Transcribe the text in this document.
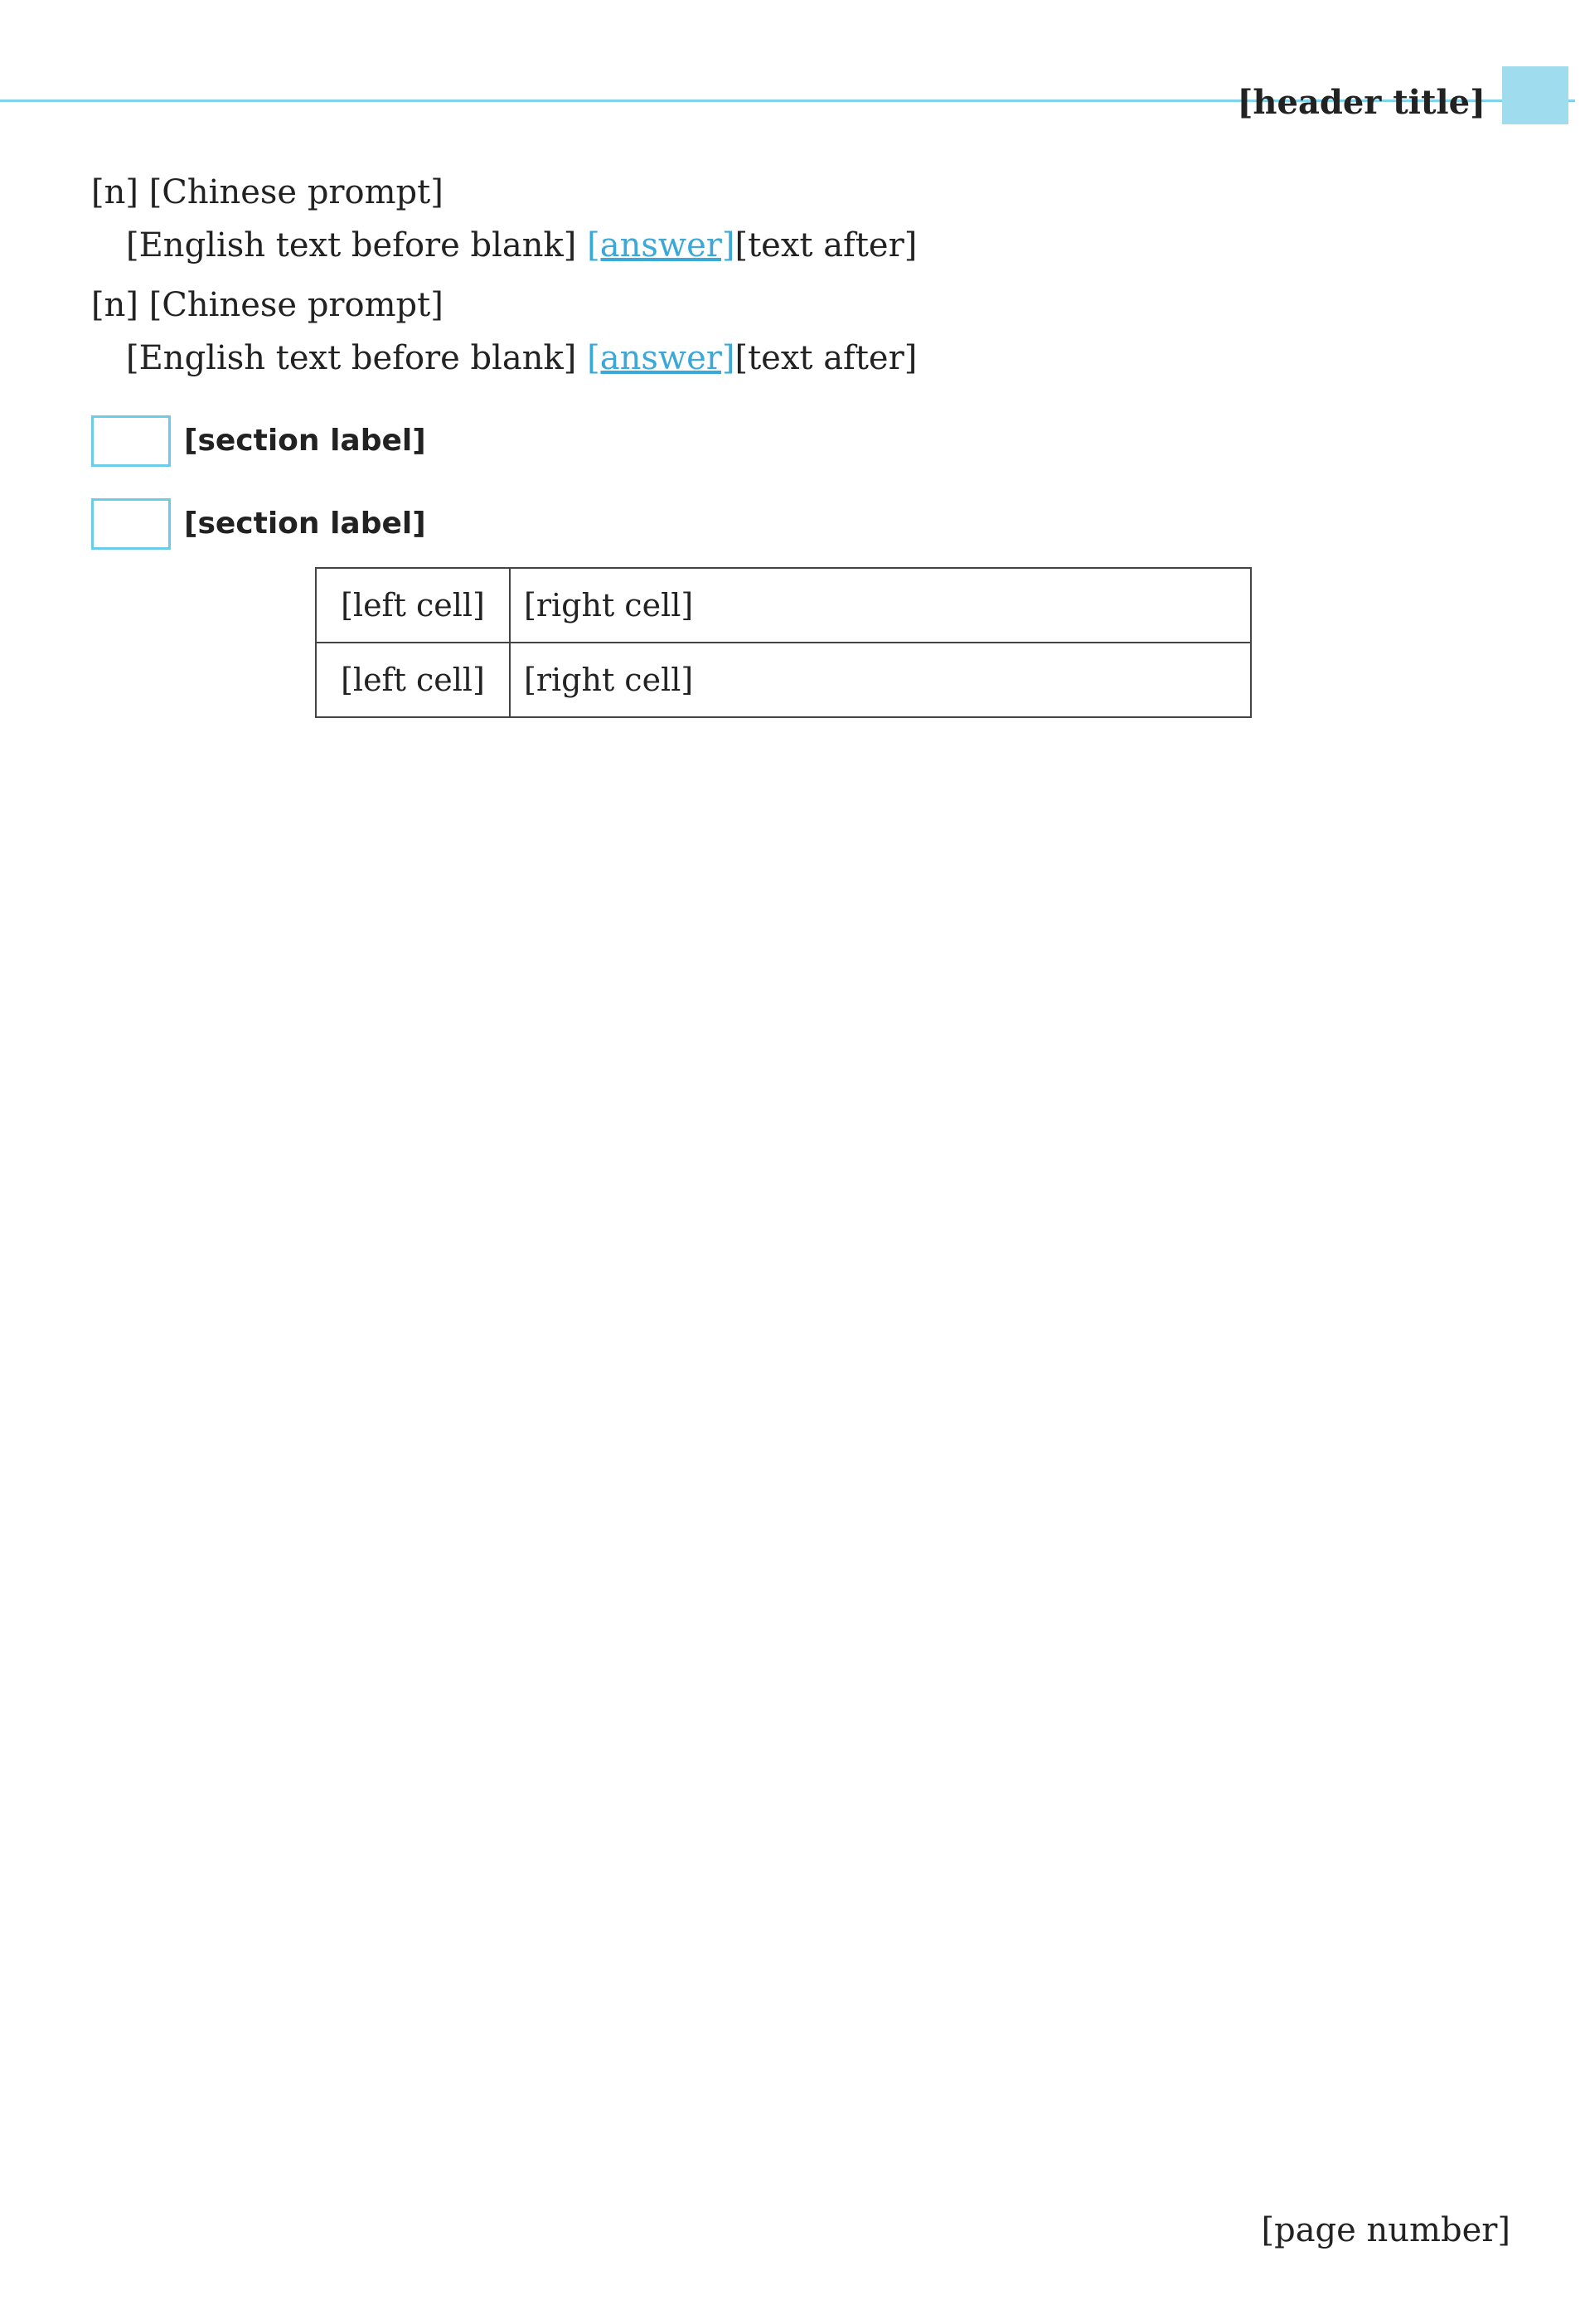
[header title]
[n] [Chinese prompt]
[English text before blank] [answer][text after]
[n] [Chinese prompt]
[English text before blank] [answer][text after]
[section label]
[section label]
[left cell]	[right cell]
[left cell]	[right cell]
[page number]
